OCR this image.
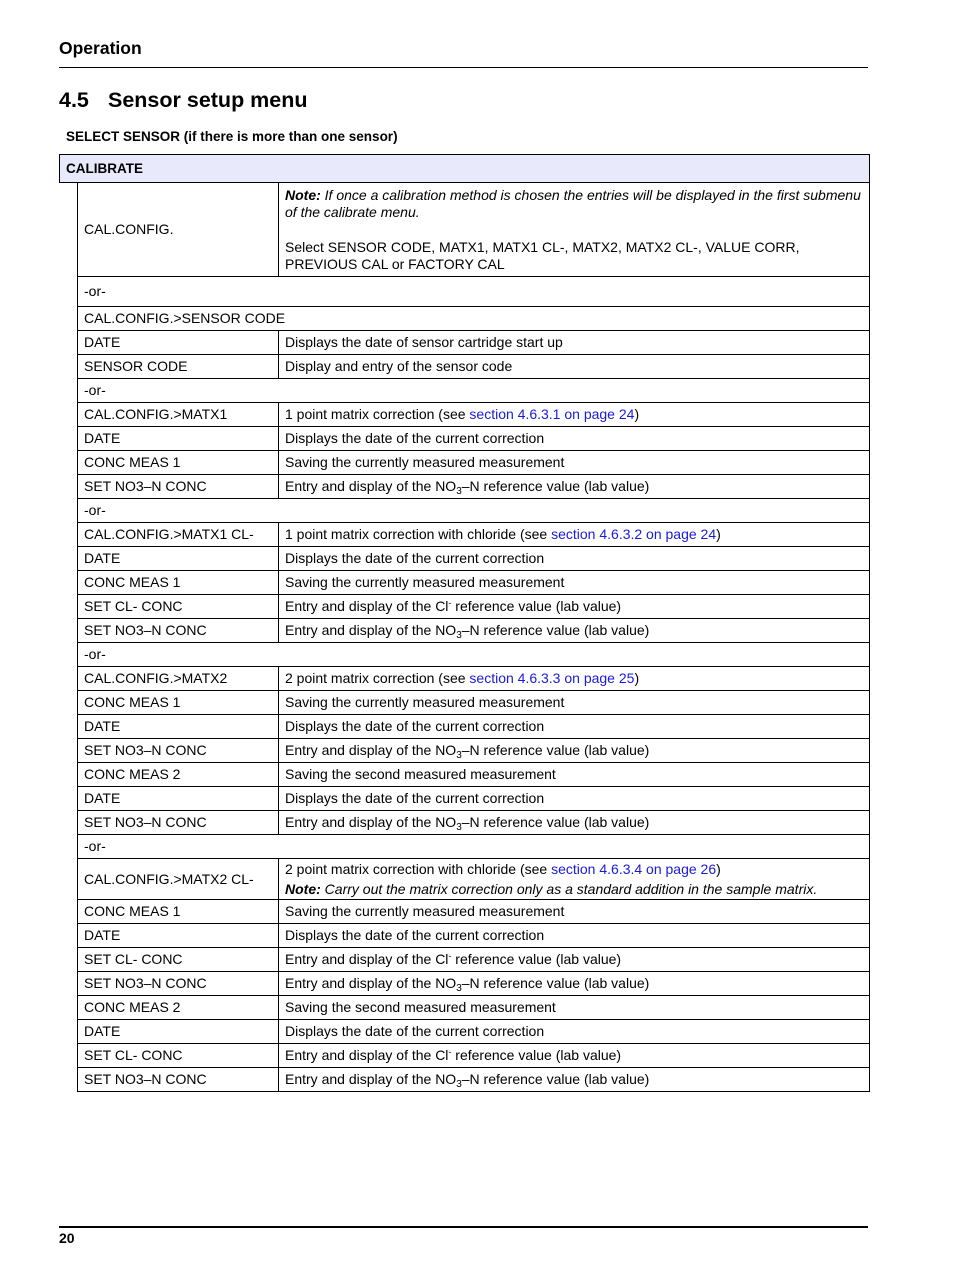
Operation
4.5 Sensor setup menu
SELECT SENSOR (if there is more than one sensor)
CALIBRATE
CAL.CONFIG.	Note: If once a calibration method is chosen the entries will be displayed in the first submenu of the calibrate menu.
Select SENSOR CODE, MATX1, MATX1 CL-, MATX2, MATX2 CL-, VALUE CORR, PREVIOUS CAL or FACTORY CAL

-or-	
CAL.CONFIG.>SENSOR CODE	
DATE	Displays the date of sensor cartridge start up
SENSOR CODE	Display and entry of the sensor code
-or-	
CAL.CONFIG.>MATX1	1 point matrix correction (see section 4.6.3.1 on page 24)
DATE	Displays the date of the current correction
CONC MEAS 1	Saving the currently measured measurement
SET NO3–N CONC	Entry and display of the $NO_3-N$ reference value (lab value)
-or-	
CAL.CONFIG.>MATX1 CL-	1 point matrix correction with chloride (see section 4.6.3.2 on page 24)
DATE	Displays the date of the current correction
CONC MEAS 1	Saving the currently measured measurement
SET CL- CONC	Entry and display of the Cl- reference value (lab value)
SET NO3–N CONC	Entry and display of the $NO_3-N$ reference value (lab value)
-or-	
CAL.CONFIG.>MATX2	2 point matrix correction (see section 4.6.3.3 on page 25)
CONC MEAS 1	Saving the currently measured measurement
DATE	Displays the date of the current correction
SET NO3–N CONC	Entry and display of the $NO_3-N$ reference value (lab value)
CONC MEAS 2	Saving the second measured measurement
DATE	Displays the date of the current correction
SET NO3–N CONC	Entry and display of the $NO_3-N$ reference value (lab value)
-or-	
CAL.CONFIG.>MATX2 CL-	2 point matrix correction with chloride (see section 4.6.3.4 on page 26)
Note: Carry out the matrix correction only as a standard addition in the sample matrix.

CONC MEAS 1	Saving the currently measured measurement
DATE	Displays the date of the current correction
SET CL- CONC	Entry and display of the Cl- reference value (lab value)
SET NO3–N CONC	Entry and display of the $NO_3-N$ reference value (lab value)
CONC MEAS 2	Saving the second measured measurement
DATE	Displays the date of the current correction
SET CL- CONC	Entry and display of the Cl- reference value (lab value)
SET NO3–N CONC	Entry and display of the $NO_3-N$ reference value (lab value)
20
